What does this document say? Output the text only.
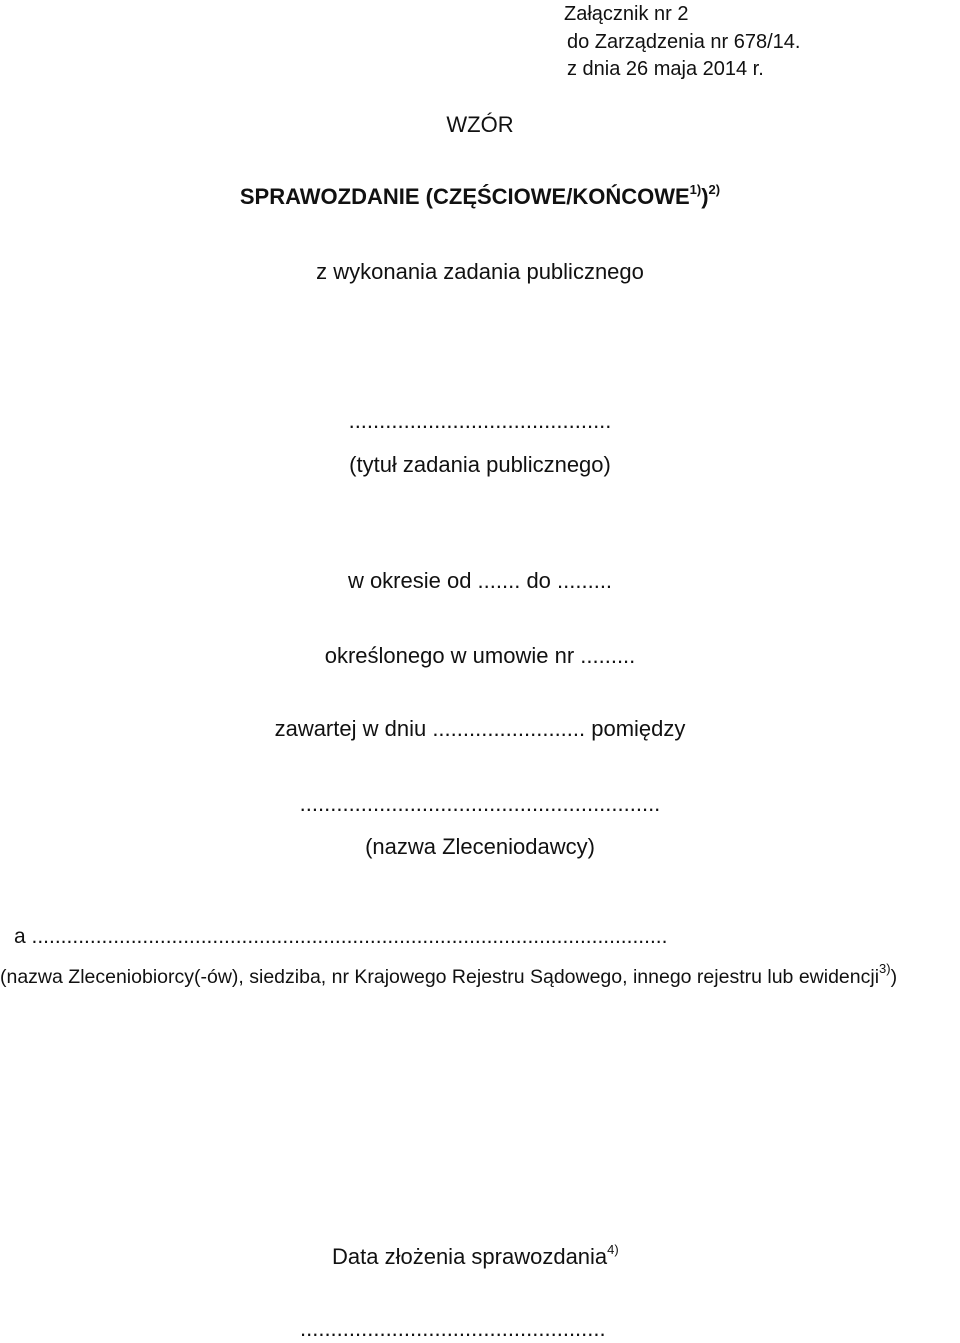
Załącznik nr 2
do Zarządzenia nr 678/14.
z dnia 26 maja 2014 r.
WZÓR
SPRAWOZDANIE (CZĘŚCIOWE/KOŃCOWE$^{1)}$)$^{2)}$
z wykonania zadania publicznego
...........................................
(tytuł zadania publicznego)
w okresie od ....... do .........
określonego w umowie nr .........
zawartej w dniu ......................... pomiędzy
...........................................................
(nazwa Zleceniodawcy)
a .............................................................................................................
(nazwa Zleceniobiorcy(-ów), siedziba, nr Krajowego Rejestru Sądowego, innego rejestru lub ewidencji$^{3)}$)
Data złożenia sprawozdania$^{4)}$
..................................................
